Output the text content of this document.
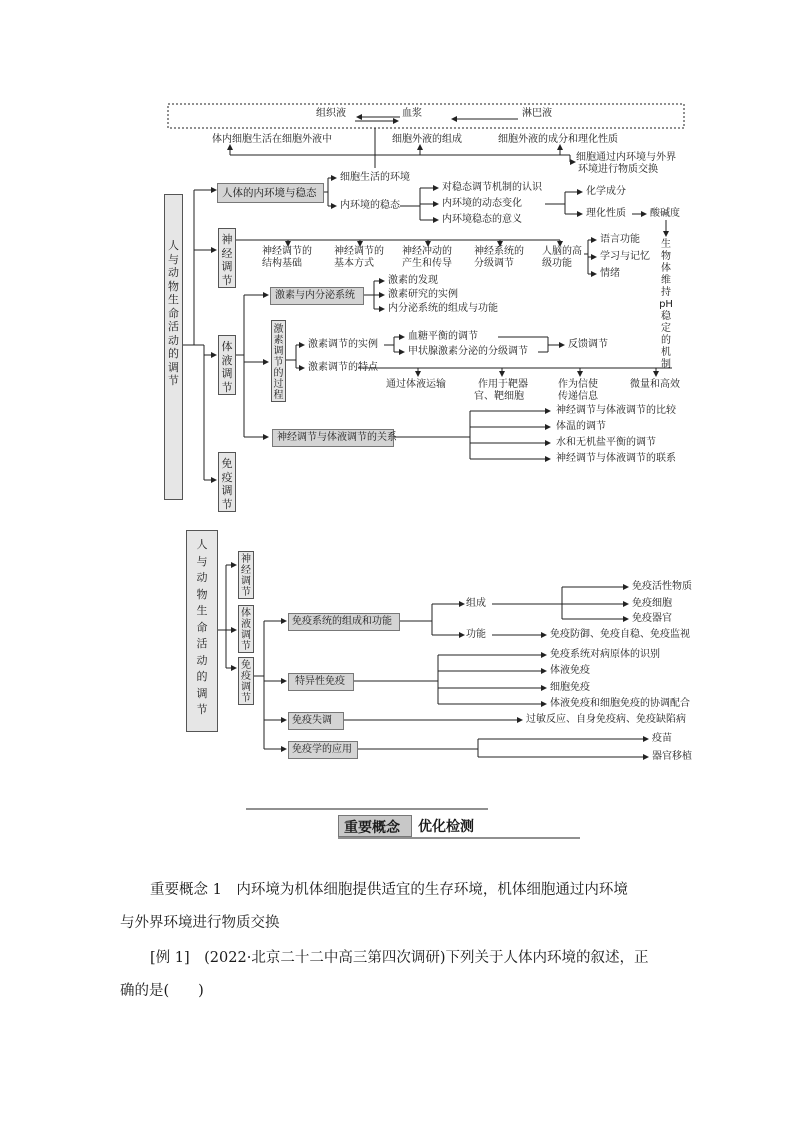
组织液	血浆	淋巴液
体内细胞生活在细胞外液中	细胞外液的组成	细胞外液的成分和理化性质
细胞通过内环境与外界
环境进行物质交换
人
与
动
物
生
命
活
动
的
调
节
人体的内环境与稳态
细胞生活的环境
内环境的稳态
对稳态调节机制的认识
内环境的动态变化
内环境稳态的意义
化学成分
理化性质 酸碱度
生
物
体
维
持
pH
稳
定
的
机
制
神
经
调
节
神经调节的
结构基础
神经调节的
基本方式
神经冲动的
产生和传导
神经系统的
分级调节
人脑的高
级功能
语言功能
学习与记忆
情绪
体
液
调
节
激素与内分泌系统
激素的发现
激素研究的实例
内分泌系统的组成与功能
激
素
调
节
的
过
程
激素调节的实例
激素调节的特点
血糖平衡的调节
甲状腺激素分泌的分级调节
反馈调节
通过体液运输	作用于靶器
官、靶细胞
作为信使
传递信息
微量和高效
神经调节与体液调节的关系
神经调节与体液调节的比较
体温的调节
水和无机盐平衡的调节
神经调节与体液调节的联系
免
疫
调
节
人
与
动
物
生
命
活
动
的
调
节
神
经
调
节
体
液
调
节
免
疫
调
节
免疫系统的组成和功能
组成
免疫活性物质
免疫细胞
免疫器官
功能	免疫防御、免疫自稳、免疫监视
特异性免疫
免疫系统对病原体的识别
体液免疫
细胞免疫
体液免疫和细胞免疫的协调配合
免疫失调	过敏反应、自身免疫病、免疫缺陷病
免疫学的应用
疫苗
器官移植
重要概念 优化检测
重要概念 1　内环境为机体细胞提供适宜的生存环境，机体细胞通过内环境
与外界环境进行物质交换
[例 1]　(2022·北京二十二中高三第四次调研)下列关于人体内环境的叙述，正
确的是(　　)
